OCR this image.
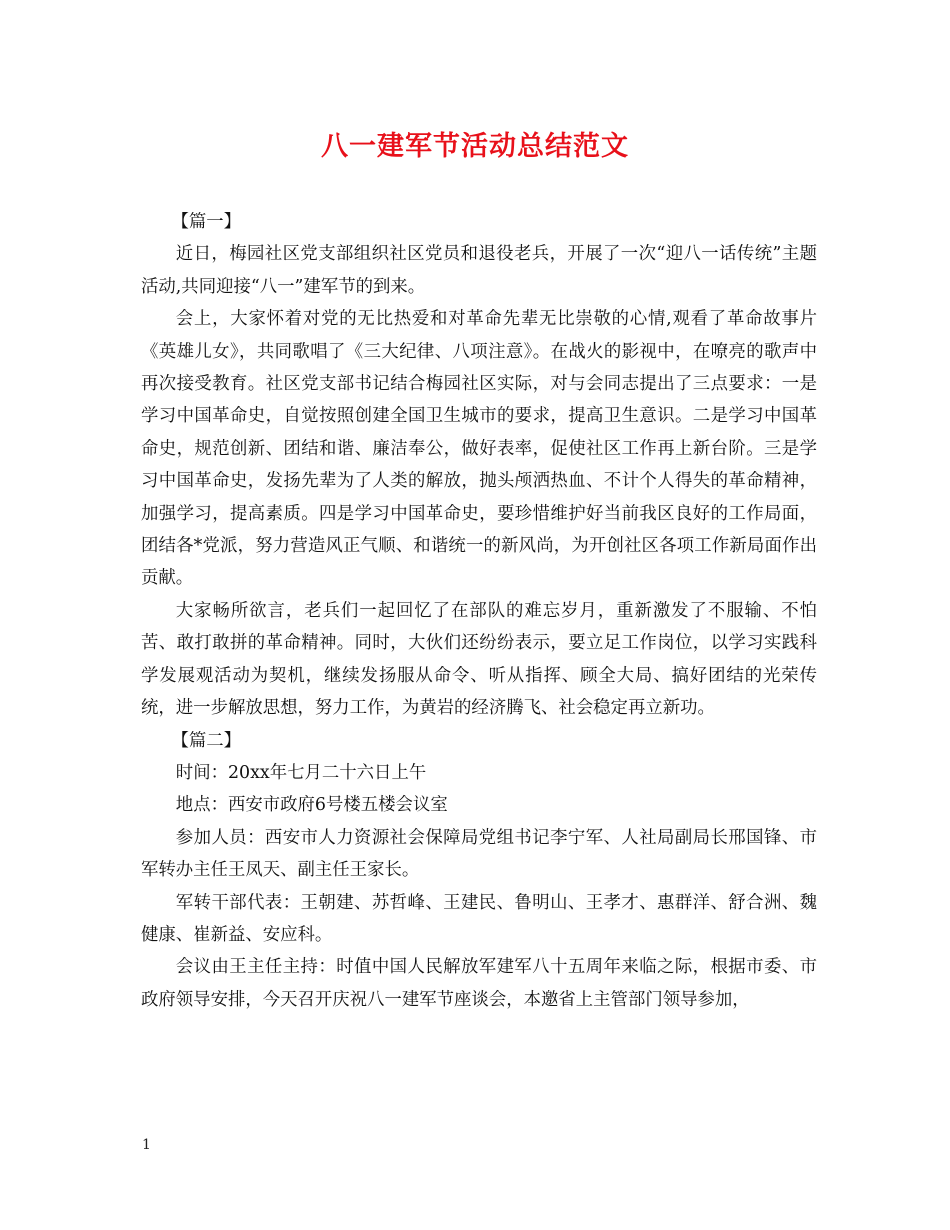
八一建军节活动总结范文

【篇一】

近日，梅园社区党支部组织社区党员和退役老兵，开展了一次“迎八一话传统”主题活动,共同迎接“八一”建军节的到来。

会上，大家怀着对党的无比热爱和对革命先辈无比崇敬的心情,观看了革命故事片《英雄儿女》，共同歌唱了《三大纪律、八项注意》。在战火的影视中，在嘹亮的歌声中再次接受教育。社区党支部书记结合梅园社区实际，对与会同志提出了三点要求：一是学习中国革命史，自觉按照创建全国卫生城市的要求，提高卫生意识。二是学习中国革命史，规范创新、团结和谐、廉洁奉公，做好表率，促使社区工作再上新台阶。三是学习中国革命史，发扬先辈为了人类的解放，抛头颅洒热血、不计个人得失的革命精神，加强学习，提高素质。四是学习中国革命史，要珍惜维护好当前我区良好的工作局面，团结各*党派，努力营造风正气顺、和谐统一的新风尚，为开创社区各项工作新局面作出贡献。

大家畅所欲言，老兵们一起回忆了在部队的难忘岁月，重新激发了不服输、不怕苦、敢打敢拼的革命精神。同时，大伙们还纷纷表示，要立足工作岗位，以学习实践科学发展观活动为契机，继续发扬服从命令、听从指挥、顾全大局、搞好团结的光荣传统，进一步解放思想，努力工作，为黄岩的经济腾飞、社会稳定再立新功。

【篇二】

时间：20xx年七月二十六日上午

地点：西安市政府6号楼五楼会议室

参加人员：西安市人力资源社会保障局党组书记李宁军、人社局副局长邢国锋、市军转办主任王凤天、副主任王家长。

军转干部代表：王朝建、苏哲峰、王建民、鲁明山、王孝才、惠群洋、舒合洲、魏健康、崔新益、安应科。

会议由王主任主持：时值中国人民解放军建军八十五周年来临之际，根据市委、市政府领导安排，今天召开庆祝八一建军节座谈会，本邀省上主管部门领导参加，

1
